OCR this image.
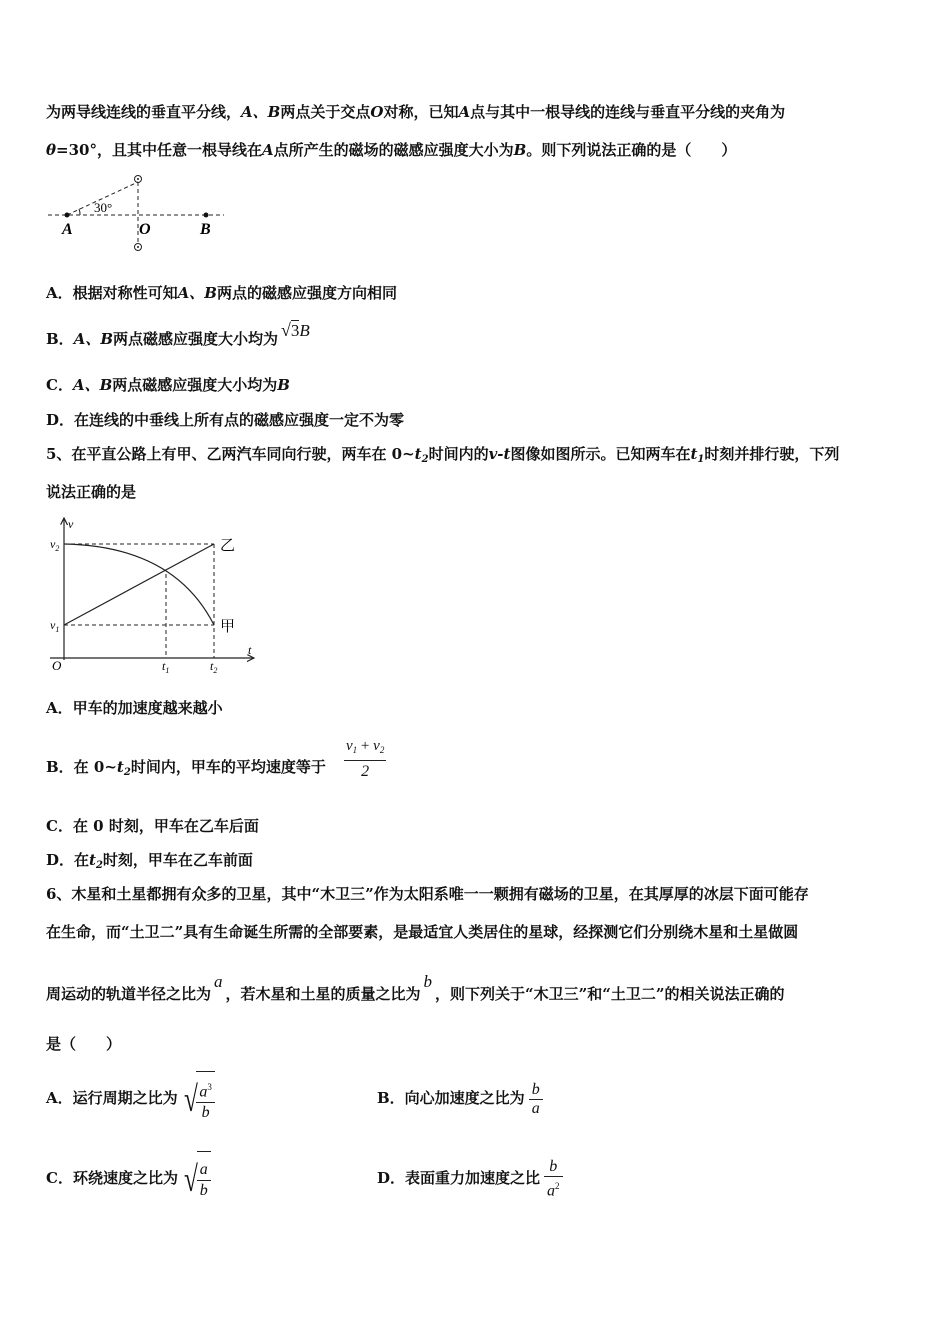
为两导线连线的垂直平分线，A、B两点关于交点O对称，已知A点与其中一根导线的连线与垂直平分线的夹角为
θ=30°，且其中任意一根导线在A点所产生的磁场的磁感应强度大小为B。则下列说法正确的是（　　）
30°
A	O	B
A．根据对称性可知A、B两点的磁感应强度方向相同
B．A、B两点磁感应强度大小均为 √3B
C．A、B两点磁感应强度大小均为B
D．在连线的中垂线上所有点的磁感应强度一定不为零
5、在平直公路上有甲、乙两汽车同向行驶，两车在 $0\sim t_2$时间内的v-t图像如图所示。已知两车在$t_1$时刻并排行驶，下列
说法正确的是
v
t
$v_2$
$v_1$
O	$t_1$	$t_2$
乙
甲
A．甲车的加速度越来越小
B．在 $0\sim t_2$时间内，甲车的平均速度等于
$v_1 + v_2$
2
C．在 0 时刻，甲车在乙车后面
D．在$t_2$时刻，甲车在乙车前面
6、木星和土星都拥有众多的卫星，其中“木卫三”作为太阳系唯一一颗拥有磁场的卫星，在其厚厚的冰层下面可能存
在生命，而“土卫二”具有生命诞生所需的全部要素，是最适宜人类居住的星球，经探测它们分别绕木星和土星做圆
周运动的轨道半径之比为a，若木星和土星的质量之比为b，则下列关于“木卫三”和“土卫二”的相关说法正确的
是（　　）
A．运行周期之比为 √
$\frac{a^3}{b}$	B．向心加速度之比为 $\frac{b}{a}$
C．环绕速度之比为 √
$\frac{a}{b}$	D．表面重力加速度之比 $\frac{b}{a^2}$
